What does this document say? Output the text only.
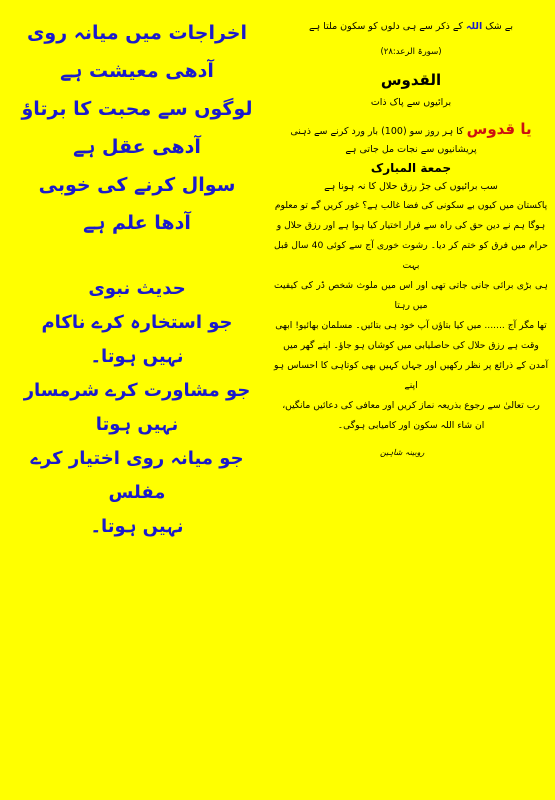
اخراجات میں میانہ روی

آدھی معیشت ہے

لوگوں سے محبت کا برتاؤ

آدھی عقل ہے

سوال کرنے کی خوبی

آدھا علم ہے

حدیث نبوی

جو استخارہ کرے ناکام

نہیں ہوتا۔

جو مشاورت کرے شرمسار

نہیں ہوتا

جو میانہ روی اختیار کرے مفلس

نہیں ہوتا۔

بے شک اللہ کے ذکر سے ہی دلوں کو سکون ملتا ہے

(سورۃ الرعد:۲۸)

القدوس

برائیوں سے پاک ذات

یا قدوس کا ہر روز سو (100) بار ورد کرنے سے ذہنی

پریشانیوں سے نجات مل جاتی ہے

جمعة المبارک

سب برائیوں کی جڑ رزق حلال کا نہ ہونا ہے

پاکستان میں کیوں بے سکونی کی فضا غالب ہے؟ غور کریں گے تو معلوم

ہوگا ہم نے دین حق کی راہ سے فرار اختیار کیا ہوا ہے اور رزق حلال و

حرام میں فرق کو ختم کر دیا۔ رشوت خوری آج سے کوئی 40 سال قبل بہت

ہی بڑی برائی جانی جاتی تھی اور اس میں ملوث شخص ڈر کی کیفیت میں رہتا

تھا مگر آج ....... میں کیا بتاؤں آپ خود ہی بتائیں۔ مسلمان بھائیو! ابھی

وقت ہے رزق حلال کی حاصلیابی میں کوشاں ہو جاؤ۔ اپنے گھر میں

آمدن کے ذرائع پر نظر رکھیں اور جہاں کہیں بھی کوتاہی کا احساس ہو اپنے

رب تعالیٰ سے رجوع بذریعہ نماز کریں اور معافی کی دعائیں مانگیں،

ان شاء اللہ سکون اور کامیابی ہوگی۔

روبینہ شاہین
